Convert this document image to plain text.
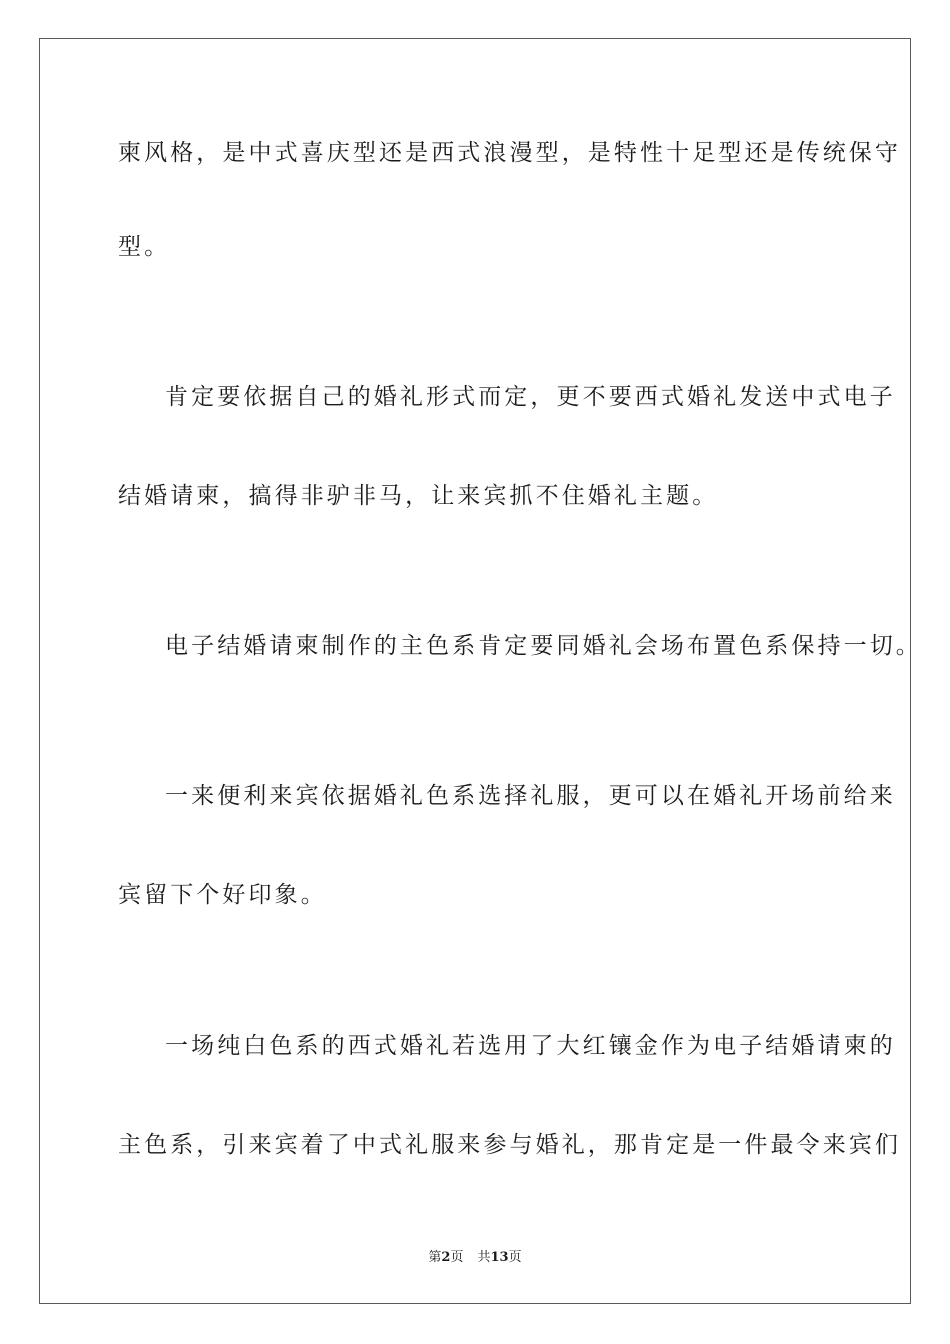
柬风格，是中式喜庆型还是西式浪漫型，是特性十足型还是传统保守
型。
肯定要依据自己的婚礼形式而定，更不要西式婚礼发送中式电子
结婚请柬，搞得非驴非马，让来宾抓不住婚礼主题。
电子结婚请柬制作的主色系肯定要同婚礼会场布置色系保持一切。
一来便利来宾依据婚礼色系选择礼服，更可以在婚礼开场前给来
宾留下个好印象。
一场纯白色系的西式婚礼若选用了大红镶金作为电子结婚请柬的
主色系，引来宾着了中式礼服来参与婚礼，那肯定是一件最令来宾们
第2页 共13页
